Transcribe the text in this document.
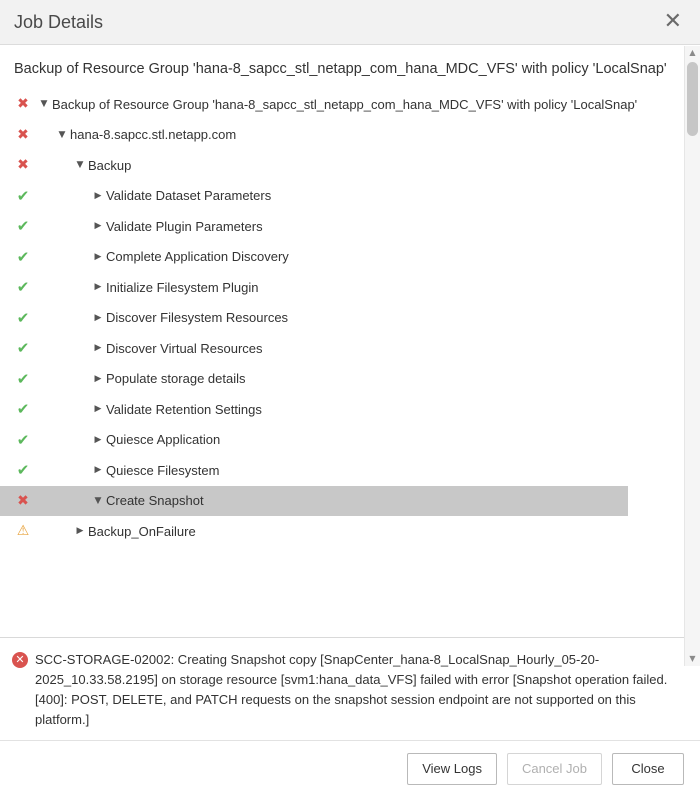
Job Details	✕
Backup of Resource Group 'hana-8_sapcc_stl_netapp_com_hana_MDC_VFS' with policy 'LocalSnap'
✖	▼ Backup of Resource Group 'hana-8_sapcc_stl_netapp_com_hana_MDC_VFS' with policy 'LocalSnap'
✖	▼ hana-8.sapcc.stl.netapp.com
✖	▼ Backup
✔	▶ Validate Dataset Parameters
✔	▶ Validate Plugin Parameters
✔	▶ Complete Application Discovery
✔	▶ Initialize Filesystem Plugin
✔	▶ Discover Filesystem Resources
✔	▶ Discover Virtual Resources
✔	▶ Populate storage details
✔	▶ Validate Retention Settings
✔	▶ Quiesce Application
✔	▶ Quiesce Filesystem
✖	▼ Create Snapshot
⚠	▶ Backup_OnFailure
✕ SCC-STORAGE-02002: Creating Snapshot copy [SnapCenter_hana-8_LocalSnap_Hourly_05-20-2025_10.33.58.2195] on storage resource [svm1:hana_data_VFS] failed with error [Snapshot operation failed. [400]: POST, DELETE, and PATCH requests on the snapshot session endpoint are not supported on this platform.]
View Logs	Cancel Job	Close
▲
▼
